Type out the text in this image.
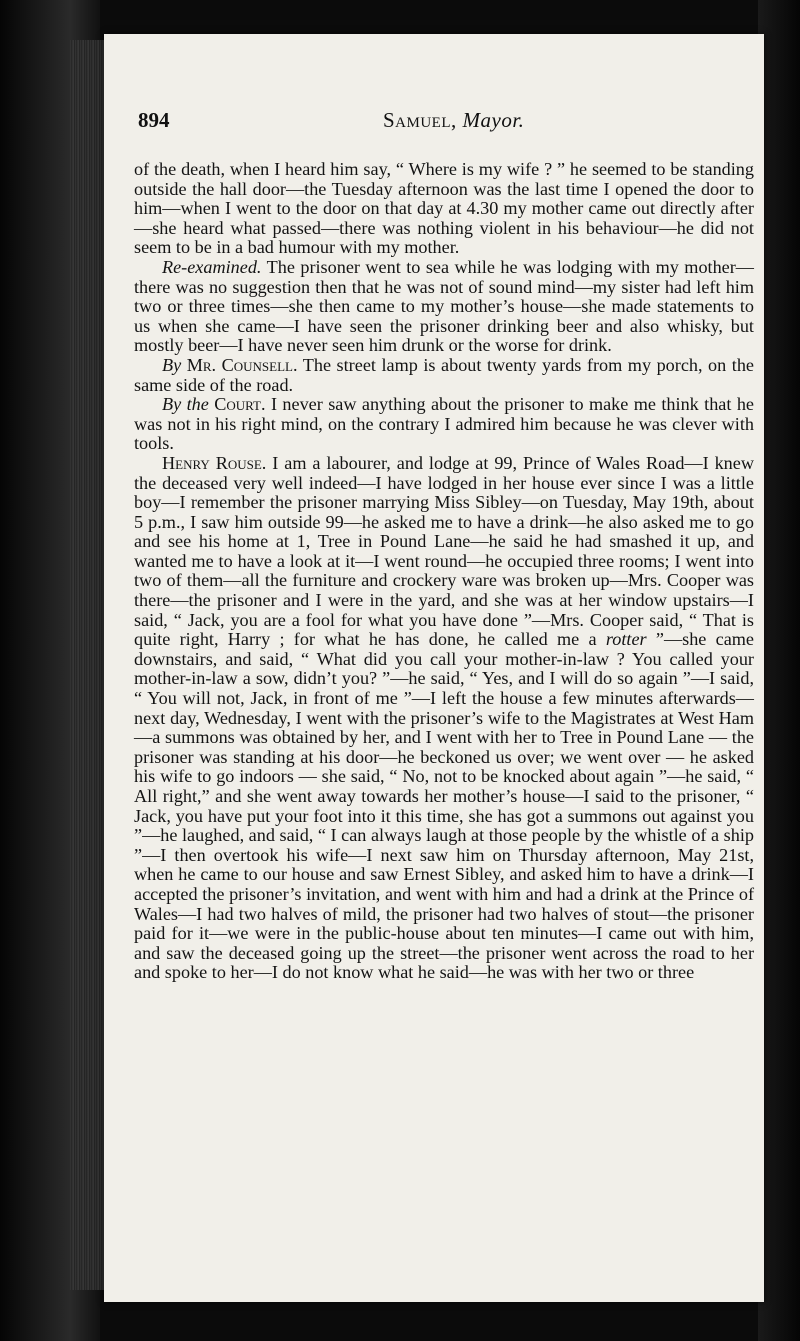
894	Samuel, Mayor.

of the death, when I heard him say, “ Where is my wife ? ” he seemed to be standing outside the hall door—the Tuesday afternoon was the last time I opened the door to him—when I went to the door on that day at 4.30 my mother came out directly after—she heard what passed—there was nothing violent in his behaviour—he did not seem to be in a bad humour with my mother.

Re-examined. The prisoner went to sea while he was lodging with my mother—there was no suggestion then that he was not of sound mind—my sister had left him two or three times—she then came to my mother’s house—she made statements to us when she came—I have seen the prisoner drinking beer and also whisky, but mostly beer—I have never seen him drunk or the worse for drink.

By Mr. Counsell. The street lamp is about twenty yards from my porch, on the same side of the road.

By the Court. I never saw anything about the prisoner to make me think that he was not in his right mind, on the contrary I admired him because he was clever with tools.

Henry Rouse. I am a labourer, and lodge at 99, Prince of Wales Road—I knew the deceased very well indeed—I have lodged in her house ever since I was a little boy—I remember the prisoner marrying Miss Sibley—on Tuesday, May 19th, about 5 p.m., I saw him outside 99—he asked me to have a drink—he also asked me to go and see his home at 1, Tree in Pound Lane—he said he had smashed it up, and wanted me to have a look at it—I went round—he occupied three rooms; I went into two of them—all the furniture and crockery ware was broken up—Mrs. Cooper was there—the prisoner and I were in the yard, and she was at her window upstairs—I said, “ Jack, you are a fool for what you have done ”—Mrs. Cooper said, “ That is quite right, Harry ; for what he has done, he called me a rotter ”—she came downstairs, and said, “ What did you call your mother-in-law ? You called your mother-in-law a sow, didn’t you? ”—he said, “ Yes, and I will do so again ”—I said, “ You will not, Jack, in front of me ”—I left the house a few minutes afterwards—next day, Wednesday, I went with the prisoner’s wife to the Magistrates at West Ham—a summons was obtained by her, and I went with her to Tree in Pound Lane — the prisoner was standing at his door—he beckoned us over; we went over — he asked his wife to go indoors — she said, “ No, not to be knocked about again ”—he said, “ All right,” and she went away towards her mother’s house—I said to the prisoner, “ Jack, you have put your foot into it this time, she has got a summons out against you ”—he laughed, and said, “ I can always laugh at those people by the whistle of a ship ”—I then overtook his wife—I next saw him on Thursday afternoon, May 21st, when he came to our house and saw Ernest Sibley, and asked him to have a drink—I accepted the prisoner’s invitation, and went with him and had a drink at the Prince of Wales—I had two halves of mild, the prisoner had two halves of stout—the prisoner paid for it—we were in the public-house about ten minutes—I came out with him, and saw the deceased going up the street—the prisoner went across the road to her and spoke to her—I do not know what he said—he was with her two or three
